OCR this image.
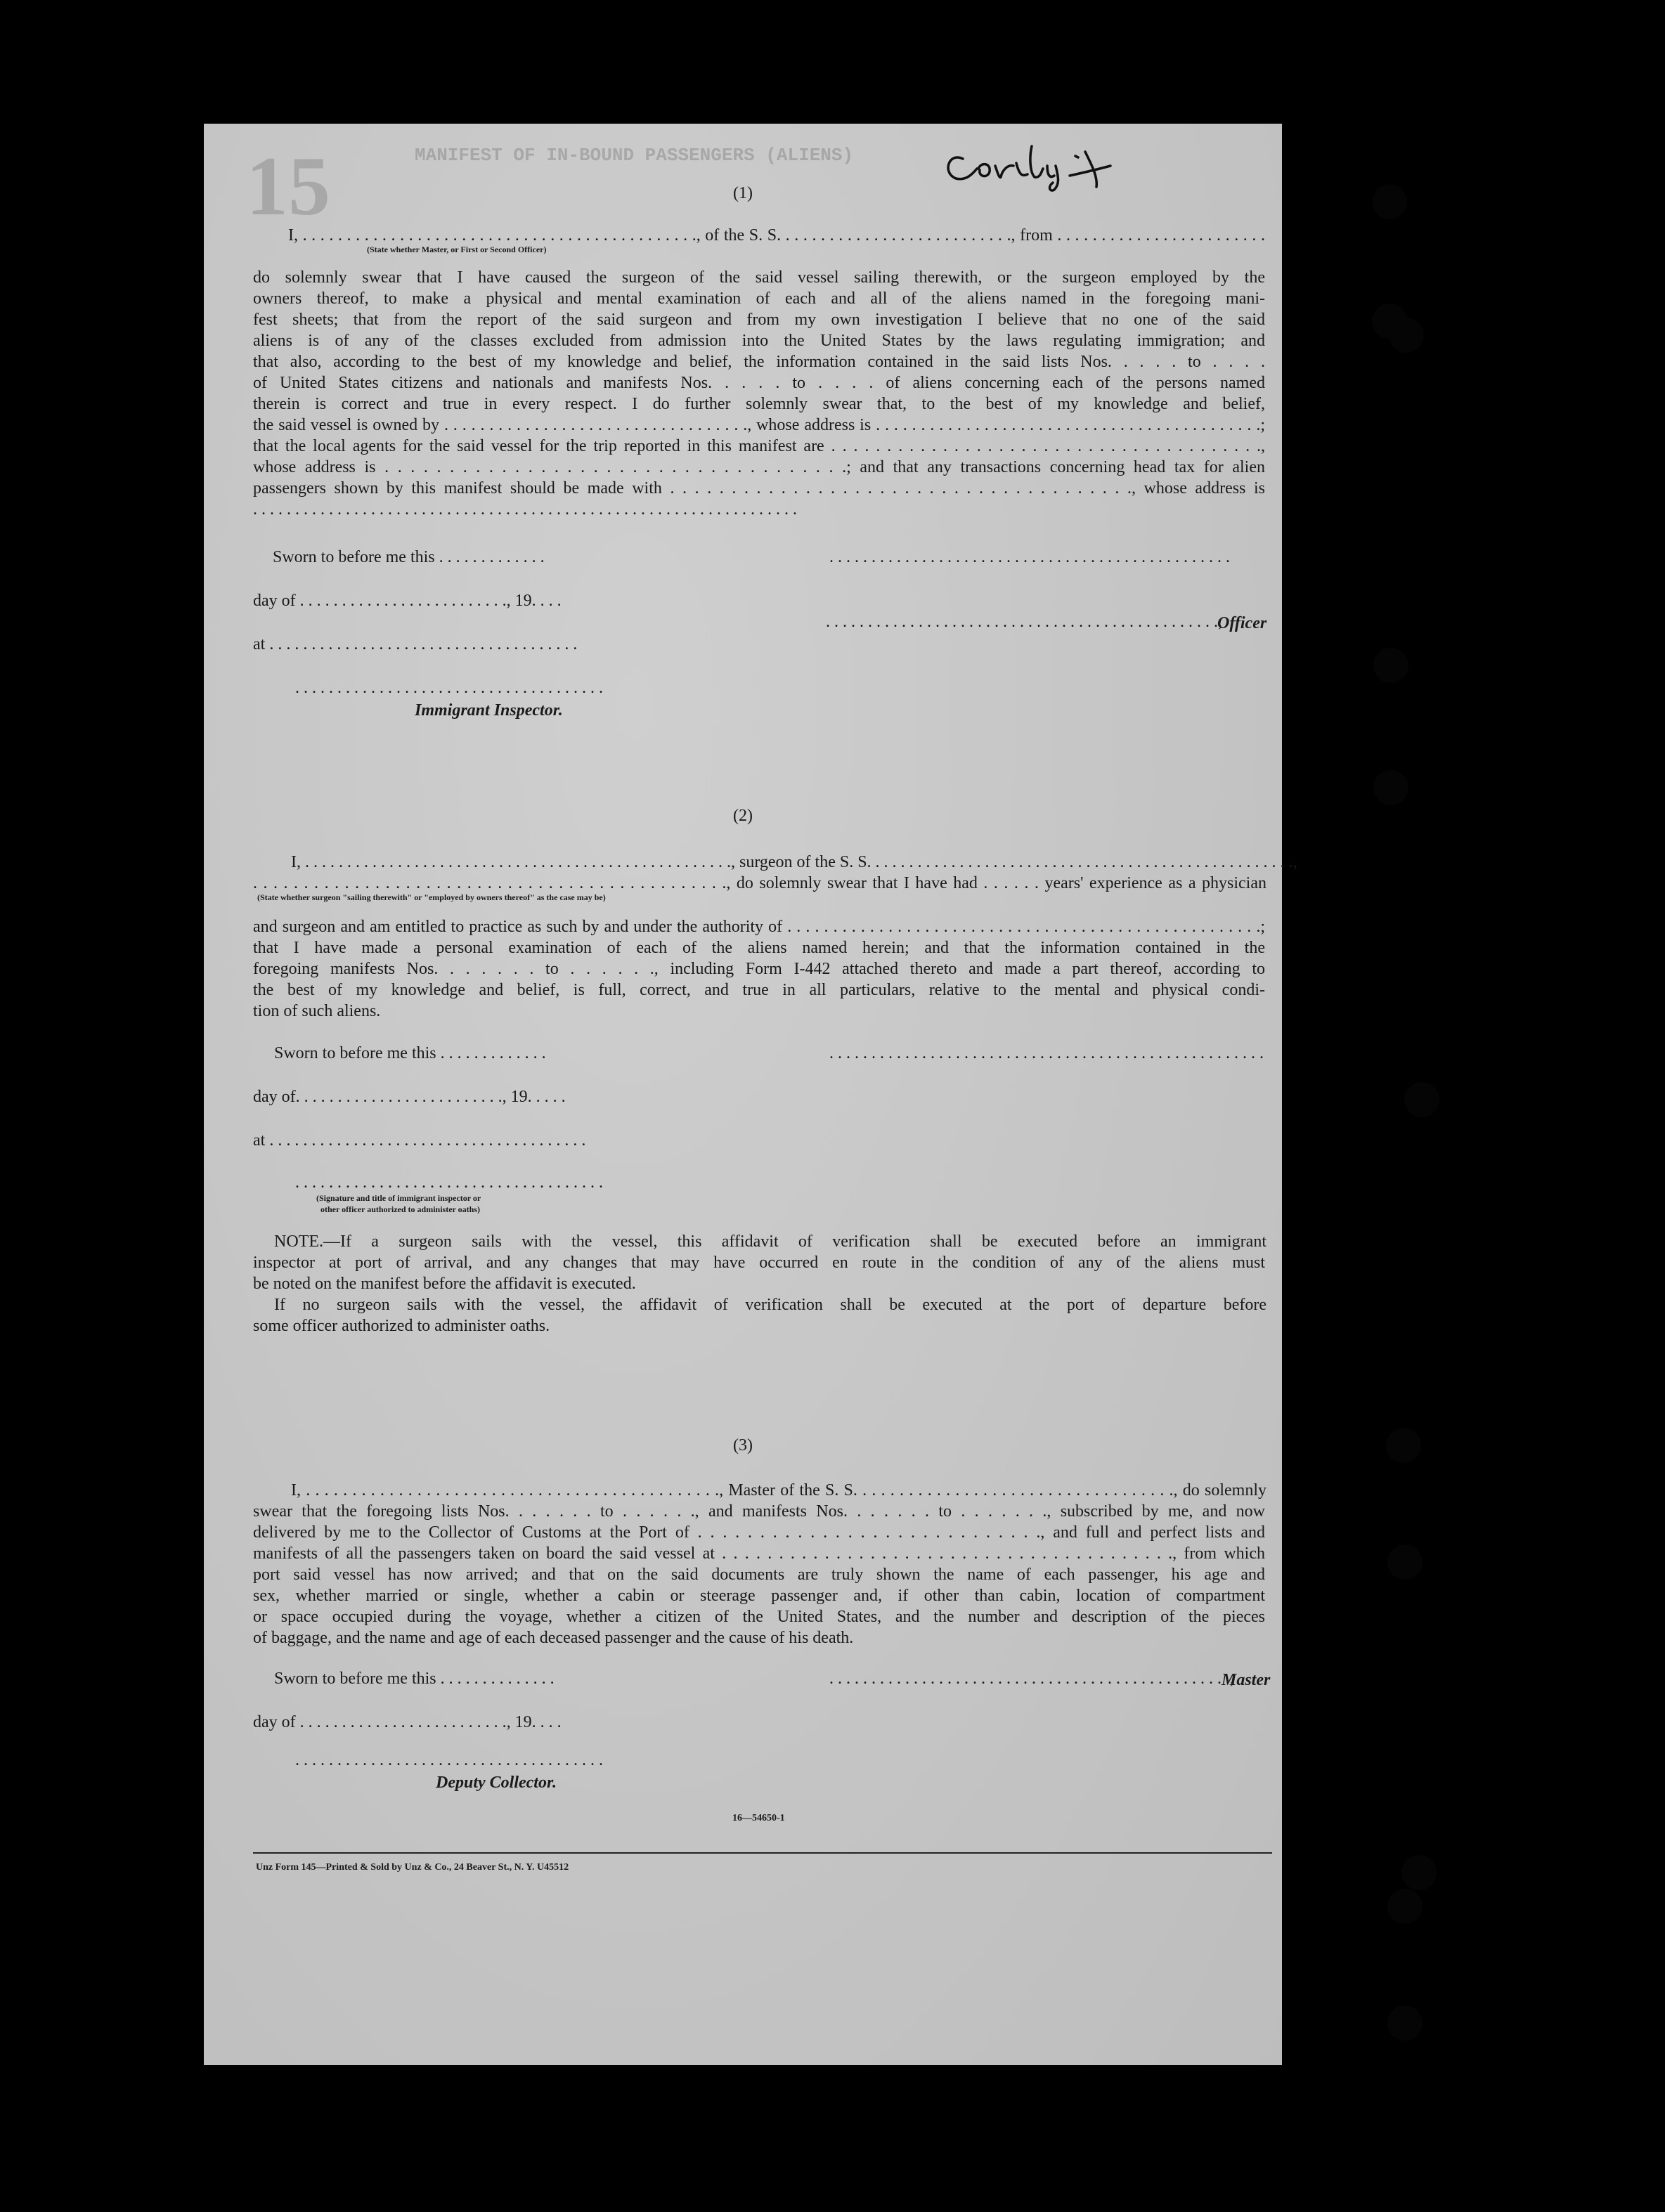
MANIFEST OF IN-BOUND PASSENGERS (ALIENS)
15	(1)
I, . . . . . . . . . . . . . . . . . . . . . . . . . . . . . . . . . . . . . . . . . . . . ., of the S. S. . . . . . . . . . . . . . . . . . . . . . . . . . ., from . . . . . . . . . . . . . . . . . . . . . . . .
(State whether Master, or First or Second Officer)
do solemnly swear that I have caused the surgeon of the said vessel sailing therewith, or the surgeon employed by the
owners thereof, to make a physical and mental examination of each and all of the aliens named in the foregoing mani-
fest sheets; that from the report of the said surgeon and from my own investigation I believe that no one of the said
aliens is of any of the classes excluded from admission into the United States by the laws regulating immigration; and
that also, according to the best of my knowledge and belief, the information contained in the said lists Nos. . . . . to . . . .
of United States citizens and nationals and manifests Nos. . . . . to . . . . of aliens concerning each of the persons named
therein is correct and true in every respect. I do further solemnly swear that, to the best of my knowledge and belief,
the said vessel is owned by . . . . . . . . . . . . . . . . . . . . . . . . . . . . . . . . . ., whose address is . . . . . . . . . . . . . . . . . . . . . . . . . . . . . . . . . . . . . . . . . . .;
that the local agents for the said vessel for the trip reported in this manifest are . . . . . . . . . . . . . . . . . . . . . . . . . . . . . . . . . . . . . . .,
whose address is . . . . . . . . . . . . . . . . . . . . . . . . . . . . . . . . . . . .; and that any transactions concerning head tax for alien
passengers shown by this manifest should be made with . . . . . . . . . . . . . . . . . . . . . . . . . . . . . . . . . . . . . ., whose address is
. . . . . . . . . . . . . . . . . . . . . . . . . . . . . . . . . . . . . . . . . . . . . . . . . . . . . . . . . . . . . . . . .
Sworn to before me this . . . . . . . . . . . . .
day of . . . . . . . . . . . . . . . . . . . . . . . . ., 19. . . .
at . . . . . . . . . . . . . . . . . . . . . . . . . . . . . . . . . . . . .
. . . . . . . . . . . . . . . . . . . . . . . . . . . . . . . . . . . . .
Immigrant Inspector.
. . . . . . . . . . . . . . . . . . . . . . . . . . . . . . . . . . . . . . . . . . . . . . . .
. . . . . . . . . . . . . . . . . . . . . . . . . . . . . . . . . . . . . . . . . . . . . . .,
Officer
(2)
I, . . . . . . . . . . . . . . . . . . . . . . . . . . . . . . . . . . . . . . . . . . . . . . . . . . ., surgeon of the S. S. . . . . . . . . . . . . . . . . . . . . . . . . . . . . . . . . . . . . . . . . . . . . . . . . . .,
. . . . . . . . . . . . . . . . . . . . . . . . . . . . . . . . . . . . . . . . . . . . . . ., do solemnly swear that I have had . . . . . . years' experience as a physician
(State whether surgeon "sailing therewith" or "employed by owners thereof" as the case may be)
and surgeon and am entitled to practice as such by and under the authority of . . . . . . . . . . . . . . . . . . . . . . . . . . . . . . . . . . . . . . . . . . . . . . . . . . . .;
that I have made a personal examination of each of the aliens named herein; and that the information contained in the
foregoing manifests Nos. . . . . . . to . . . . . ., including Form I-442 attached thereto and made a part thereof, according to
the best of my knowledge and belief, is full, correct, and true in all particulars, relative to the mental and physical condi-
tion of such aliens.
Sworn to before me this . . . . . . . . . . . . .	. . . . . . . . . . . . . . . . . . . . . . . . . . . . . . . . . . . . . . . . . . . . . . . . . . . .
day of. . . . . . . . . . . . . . . . . . . . . . . . ., 19. . . . .
at . . . . . . . . . . . . . . . . . . . . . . . . . . . . . . . . . . . . . .
. . . . . . . . . . . . . . . . . . . . . . . . . . . . . . . . . . . . .
(Signature and title of immigrant inspector or
other officer authorized to administer oaths)
NOTE.—If a surgeon sails with the vessel, this affidavit of verification shall be executed before an immigrant
inspector at port of arrival, and any changes that may have occurred en route in the condition of any of the aliens must
be noted on the manifest before the affidavit is executed.
If no surgeon sails with the vessel, the affidavit of verification shall be executed at the port of departure before
some officer authorized to administer oaths.
(3)
I, . . . . . . . . . . . . . . . . . . . . . . . . . . . . . . . . . . . . . . . . . . . . ., Master of the S. S. . . . . . . . . . . . . . . . . . . . . . . . . . . . . . . . . . ., do solemnly
swear that the foregoing lists Nos. . . . . . . to . . . . . ., and manifests Nos. . . . . . . to . . . . . . ., subscribed by me, and now
delivered by me to the Collector of Customs at the Port of . . . . . . . . . . . . . . . . . . . . . . . . . . . ., and full and perfect lists and
manifests of all the passengers taken on board the said vessel at . . . . . . . . . . . . . . . . . . . . . . . . . . . . . . . . . . . . . . . ., from which
port said vessel has now arrived; and that on the said documents are truly shown the name of each passenger, his age and
sex, whether married or single, whether a cabin or steerage passenger and, if other than cabin, location of compartment
or space occupied during the voyage, whether a citizen of the United States, and the number and description of the pieces
of baggage, and the name and age of each deceased passenger and the cause of his death.
Sworn to before me this . . . . . . . . . . . . . .	. . . . . . . . . . . . . . . . . . . . . . . . . . . . . . . . . . . . . . . . . . . . . . . .,
Master
day of . . . . . . . . . . . . . . . . . . . . . . . . ., 19. . . .
. . . . . . . . . . . . . . . . . . . . . . . . . . . . . . . . . . . . .
Deputy Collector.
16—54650-1
Unz Form 145—Printed & Sold by Unz & Co., 24 Beaver St., N. Y. U45512
